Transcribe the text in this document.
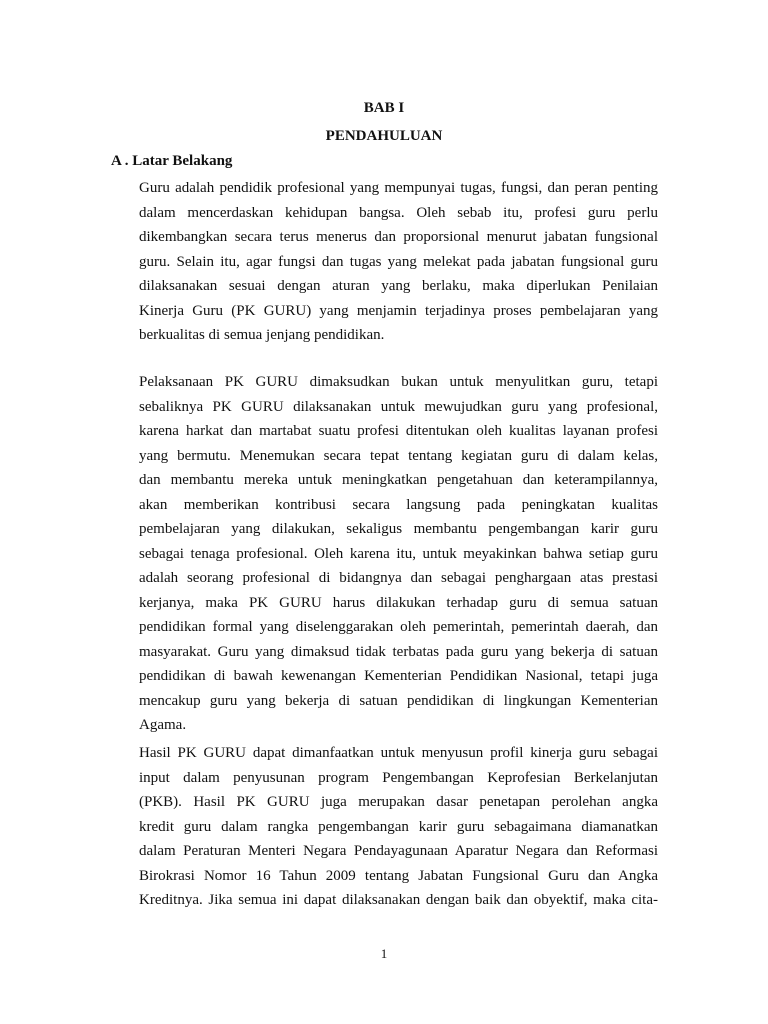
BAB I
PENDAHULUAN
A . Latar Belakang
Guru adalah pendidik profesional yang mempunyai tugas, fungsi, dan peran penting
dalam mencerdaskan kehidupan bangsa. Oleh sebab itu, profesi guru perlu
dikembangkan secara terus menerus dan proporsional menurut jabatan fungsional
guru. Selain itu, agar fungsi dan tugas yang melekat pada jabatan fungsional guru
dilaksanakan sesuai dengan aturan yang berlaku, maka diperlukan Penilaian
Kinerja Guru (PK GURU) yang menjamin terjadinya proses pembelajaran yang
berkualitas di semua jenjang pendidikan.
Pelaksanaan PK GURU dimaksudkan bukan untuk menyulitkan guru, tetapi
sebaliknya PK GURU dilaksanakan untuk mewujudkan guru yang profesional,
karena harkat dan martabat suatu profesi ditentukan oleh kualitas layanan profesi
yang bermutu. Menemukan secara tepat tentang kegiatan guru di dalam kelas,
dan membantu mereka untuk meningkatkan pengetahuan dan keterampilannya,
akan memberikan kontribusi secara langsung pada peningkatan kualitas
pembelajaran yang dilakukan, sekaligus membantu pengembangan karir guru
sebagai tenaga profesional. Oleh karena itu, untuk meyakinkan bahwa setiap guru
adalah seorang profesional di bidangnya dan sebagai penghargaan atas prestasi
kerjanya, maka PK GURU harus dilakukan terhadap guru di semua satuan
pendidikan formal yang diselenggarakan oleh pemerintah, pemerintah daerah, dan
masyarakat. Guru yang dimaksud tidak terbatas pada guru yang bekerja di satuan
pendidikan di bawah kewenangan Kementerian Pendidikan Nasional, tetapi juga
mencakup guru yang bekerja di satuan pendidikan di lingkungan Kementerian
Agama.
Hasil PK GURU dapat dimanfaatkan untuk menyusun profil kinerja guru sebagai
input dalam penyusunan program Pengembangan Keprofesian Berkelanjutan
(PKB). Hasil PK GURU juga merupakan dasar penetapan perolehan angka
kredit guru dalam rangka pengembangan karir guru sebagaimana diamanatkan
dalam Peraturan Menteri Negara Pendayagunaan Aparatur Negara dan Reformasi
Birokrasi Nomor 16 Tahun 2009 tentang Jabatan Fungsional Guru dan Angka
Kreditnya. Jika semua ini dapat dilaksanakan dengan baik dan obyektif, maka cita-
1
